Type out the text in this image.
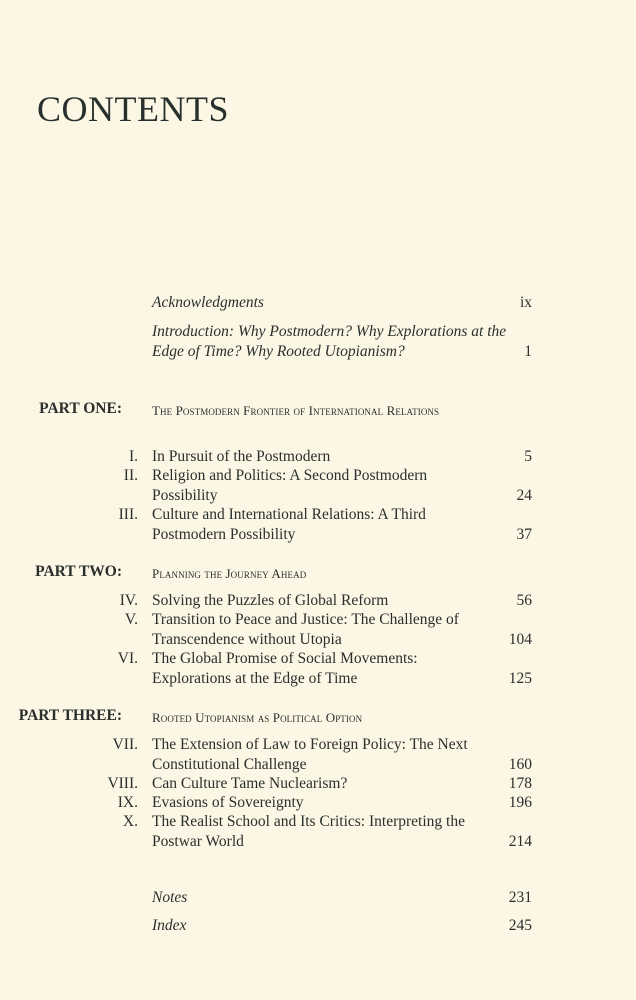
CONTENTS
Acknowledgments	ix
Introduction: Why Postmodern? Why Explorations at the Edge of Time? Why Rooted Utopianism?	1
PART ONE: The Postmodern Frontier of International Relations
I. In Pursuit of the Postmodern	5
II. Religion and Politics: A Second Postmodern Possibility	24
III. Culture and International Relations: A Third Postmodern Possibility	37
PART TWO: Planning the Journey Ahead
IV. Solving the Puzzles of Global Reform	56
V. Transition to Peace and Justice: The Challenge of Transcendence without Utopia	104
VI. The Global Promise of Social Movements: Explorations at the Edge of Time	125
PART THREE: Rooted Utopianism as Political Option
VII. The Extension of Law to Foreign Policy: The Next Constitutional Challenge	160
VIII. Can Culture Tame Nuclearism?	178
IX. Evasions of Sovereignty	196
X. The Realist School and Its Critics: Interpreting the Postwar World	214
Notes	231
Index	245
